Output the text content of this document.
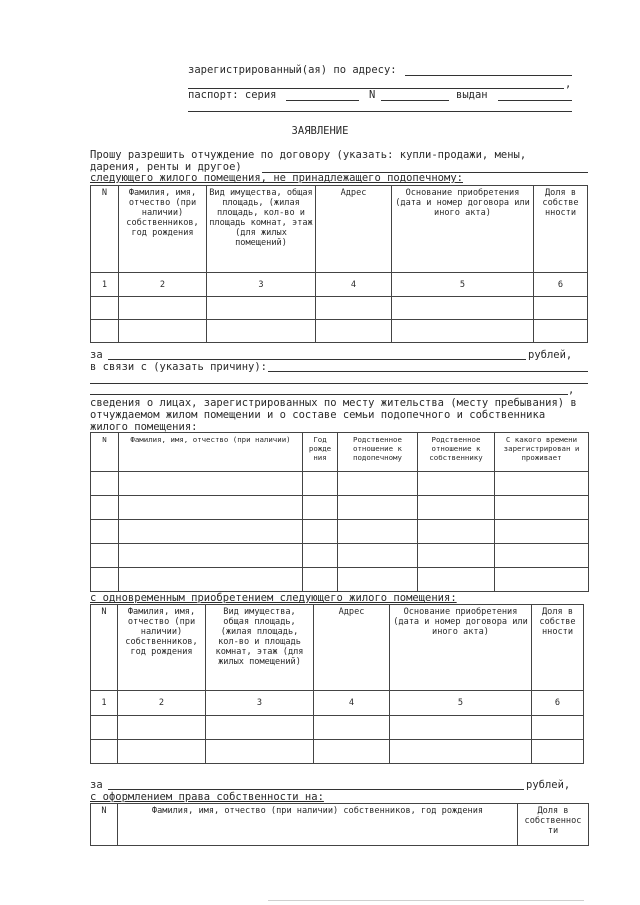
зарегистрированный(ая) по адресу:
,
паспорт: серия	N	выдан
ЗАЯВЛЕНИЕ
Прошу разрешить отчуждение по договору (указать: купли-продажи, мены,
дарения, ренты и другое)
следующего жилого помещения, не принадлежащего подопечному:
N	Фамилия, имя, отчество (при наличии) собственников, год рождения	Вид имущества, общая площадь, (жилая площадь, кол-во и площадь комнат, этаж (для жилых помещений)	Адрес	Основание приобретения (дата и номер договора или иного акта)	Доля в собстве нности
1	2	3	4	5	6

за	рублей,
в связи с (указать причину):
,
сведения о лицах, зарегистрированных по месту жительства (месту пребывания) в
отчуждаемом жилом помещении и о составе семьи подопечного и собственника
жилого помещения:
N	Фамилия, имя, отчество (при наличии)	Год рожде ния	Родственное отношение к подопечному	Родственное отношение к собственнику	С какого времени зарегистрирован и проживает

с одновременным приобретением следующего жилого помещения:
N	Фамилия, имя, отчество (при наличии) собственников, год рождения	Вид имущества, общая площадь, (жилая площадь, кол-во и площадь комнат, этаж (для жилых помещений)	Адрес	Основание приобретения (дата и номер договора или иного акта)	Доля в собстве нности
1	2	3	4	5	6

за	рублей,
с оформлением права собственности на:
N	Фамилия, имя, отчество (при наличии) собственников, год рождения	Доля в собственнос ти
